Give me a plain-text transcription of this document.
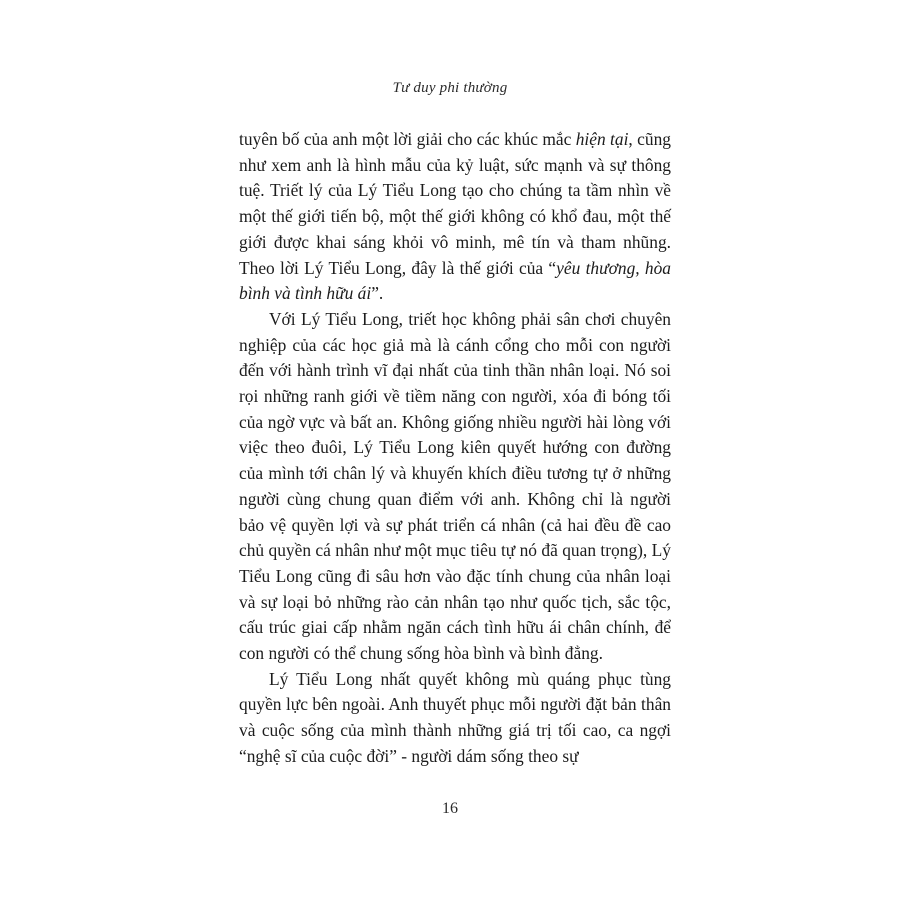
Tư duy phi thường

tuyên bố của anh một lời giải cho các khúc mắc hiện tại, cũng như xem anh là hình mẫu của kỷ luật, sức mạnh và sự thông tuệ. Triết lý của Lý Tiểu Long tạo cho chúng ta tầm nhìn về một thế giới tiến bộ, một thế giới không có khổ đau, một thế giới được khai sáng khỏi vô minh, mê tín và tham nhũng. Theo lời Lý Tiểu Long, đây là thế giới của “yêu thương, hòa bình và tình hữu ái”.

Với Lý Tiểu Long, triết học không phải sân chơi chuyên nghiệp của các học giả mà là cánh cổng cho mỗi con người đến với hành trình vĩ đại nhất của tinh thần nhân loại. Nó soi rọi những ranh giới về tiềm năng con người, xóa đi bóng tối của ngờ vực và bất an. Không giống nhiều người hài lòng với việc theo đuôi, Lý Tiểu Long kiên quyết hướng con đường của mình tới chân lý và khuyến khích điều tương tự ở những người cùng chung quan điểm với anh. Không chỉ là người bảo vệ quyền lợi và sự phát triển cá nhân (cả hai đều đề cao chủ quyền cá nhân như một mục tiêu tự nó đã quan trọng), Lý Tiểu Long cũng đi sâu hơn vào đặc tính chung của nhân loại và sự loại bỏ những rào cản nhân tạo như quốc tịch, sắc tộc, cấu trúc giai cấp nhằm ngăn cách tình hữu ái chân chính, để con người có thể chung sống hòa bình và bình đẳng.

Lý Tiểu Long nhất quyết không mù quáng phục tùng quyền lực bên ngoài. Anh thuyết phục mỗi người đặt bản thân và cuộc sống của mình thành những giá trị tối cao, ca ngợi “nghệ sĩ của cuộc đời” - người dám sống theo sự

16
